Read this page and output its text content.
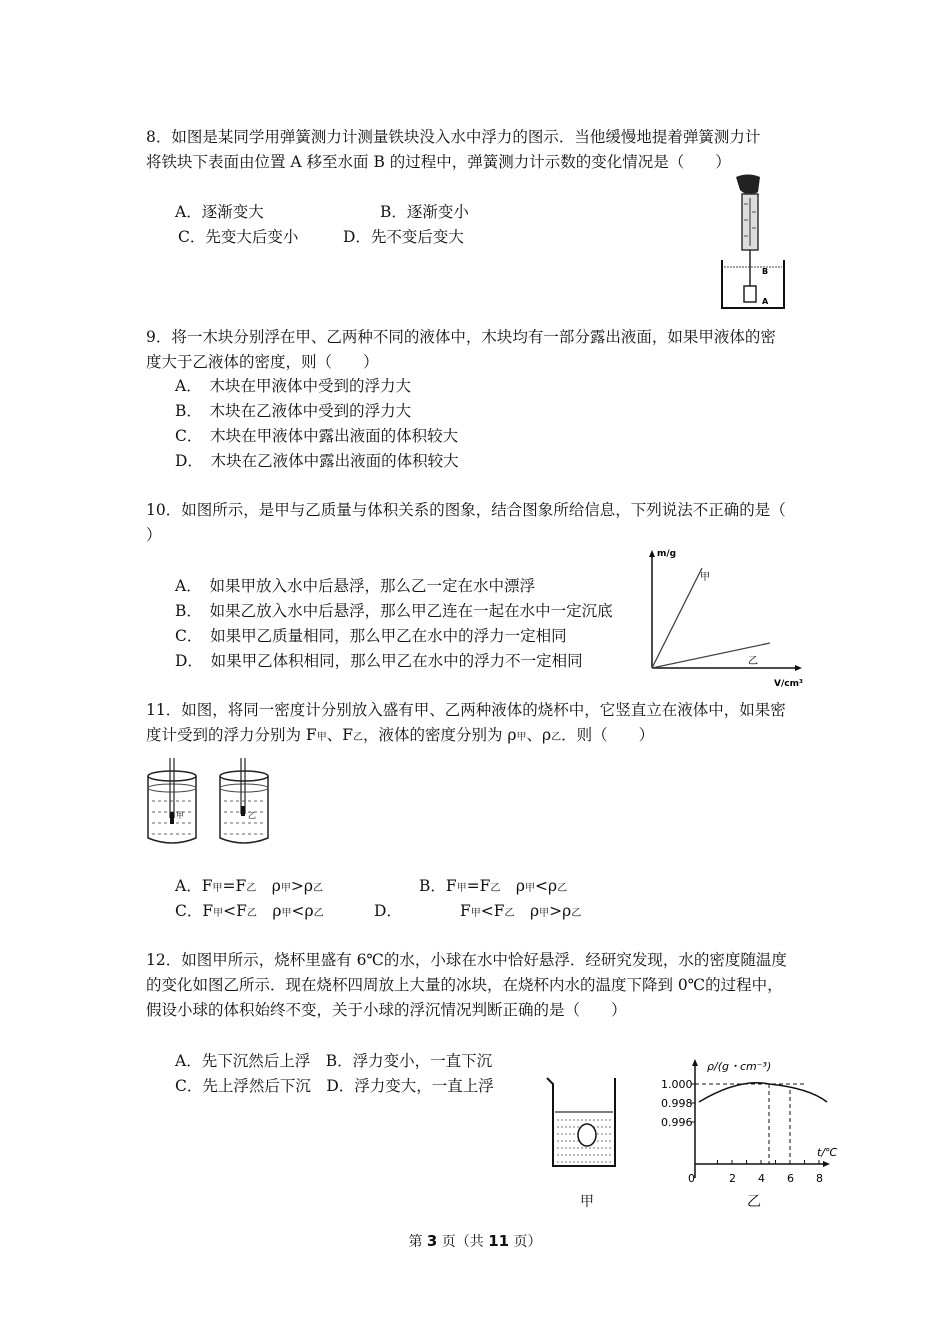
8．如图是某同学用弹簧测力计测量铁块没入水中浮力的图示．当他缓慢地提着弹簧测力计
将铁块下表面由位置 A 移至水面 B 的过程中，弹簧测力计示数的变化情况是（　　）
A．逐渐变大	B．逐渐变小
C．先变大后变小	D．先不变后变大
B
A
9．将一木块分别浮在甲、乙两种不同的液体中，木块均有一部分露出液面，如果甲液体的密
度大于乙液体的密度，则（　　）
A．　木块在甲液体中受到的浮力大
B．　木块在乙液体中受到的浮力大
C．　木块在甲液体中露出液面的体积较大
D．　木块在乙液体中露出液面的体积较大
10．如图所示，是甲与乙质量与体积关系的图象，结合图象所给信息，下列说法不正确的是（
）
A．　如果甲放入水中后悬浮，那么乙一定在水中漂浮
B．　如果乙放入水中后悬浮，那么甲乙连在一起在水中一定沉底
C．　如果甲乙质量相同，那么甲乙在水中的浮力一定相同
D．　如果甲乙体积相同，那么甲乙在水中的浮力不一定相同
m/g
V/cm³
甲
乙
11．如图，将同一密度计分别放入盛有甲、乙两种液体的烧杯中，它竖直立在液体中，如果密
度计受到的浮力分别为 F甲、F乙，液体的密度分别为 ρ甲、ρ乙．则（　　）
甲	乙
A．F甲=F乙　ρ甲>ρ乙	B．F甲=F乙　ρ甲<ρ乙
C．F甲<F乙　ρ甲<ρ乙	D．	F甲<F乙　ρ甲>ρ乙
12．如图甲所示，烧杯里盛有 6℃的水，小球在水中恰好悬浮．经研究发现，水的密度随温度
的变化如图乙所示．现在烧杯四周放上大量的冰块，在烧杯内水的温度下降到 0℃的过程中，
假设小球的体积始终不变，关于小球的浮沉情况判断正确的是（　　）
A．先下沉然后上浮　B．浮力变小，一直下沉
C．先上浮然后下沉　D．浮力变大，一直上浮
甲
ρ/(g・cm⁻³)
t/℃
1.000
0.998
0.996
0	2 4 6 8
乙
第 3 页（共 11 页）
